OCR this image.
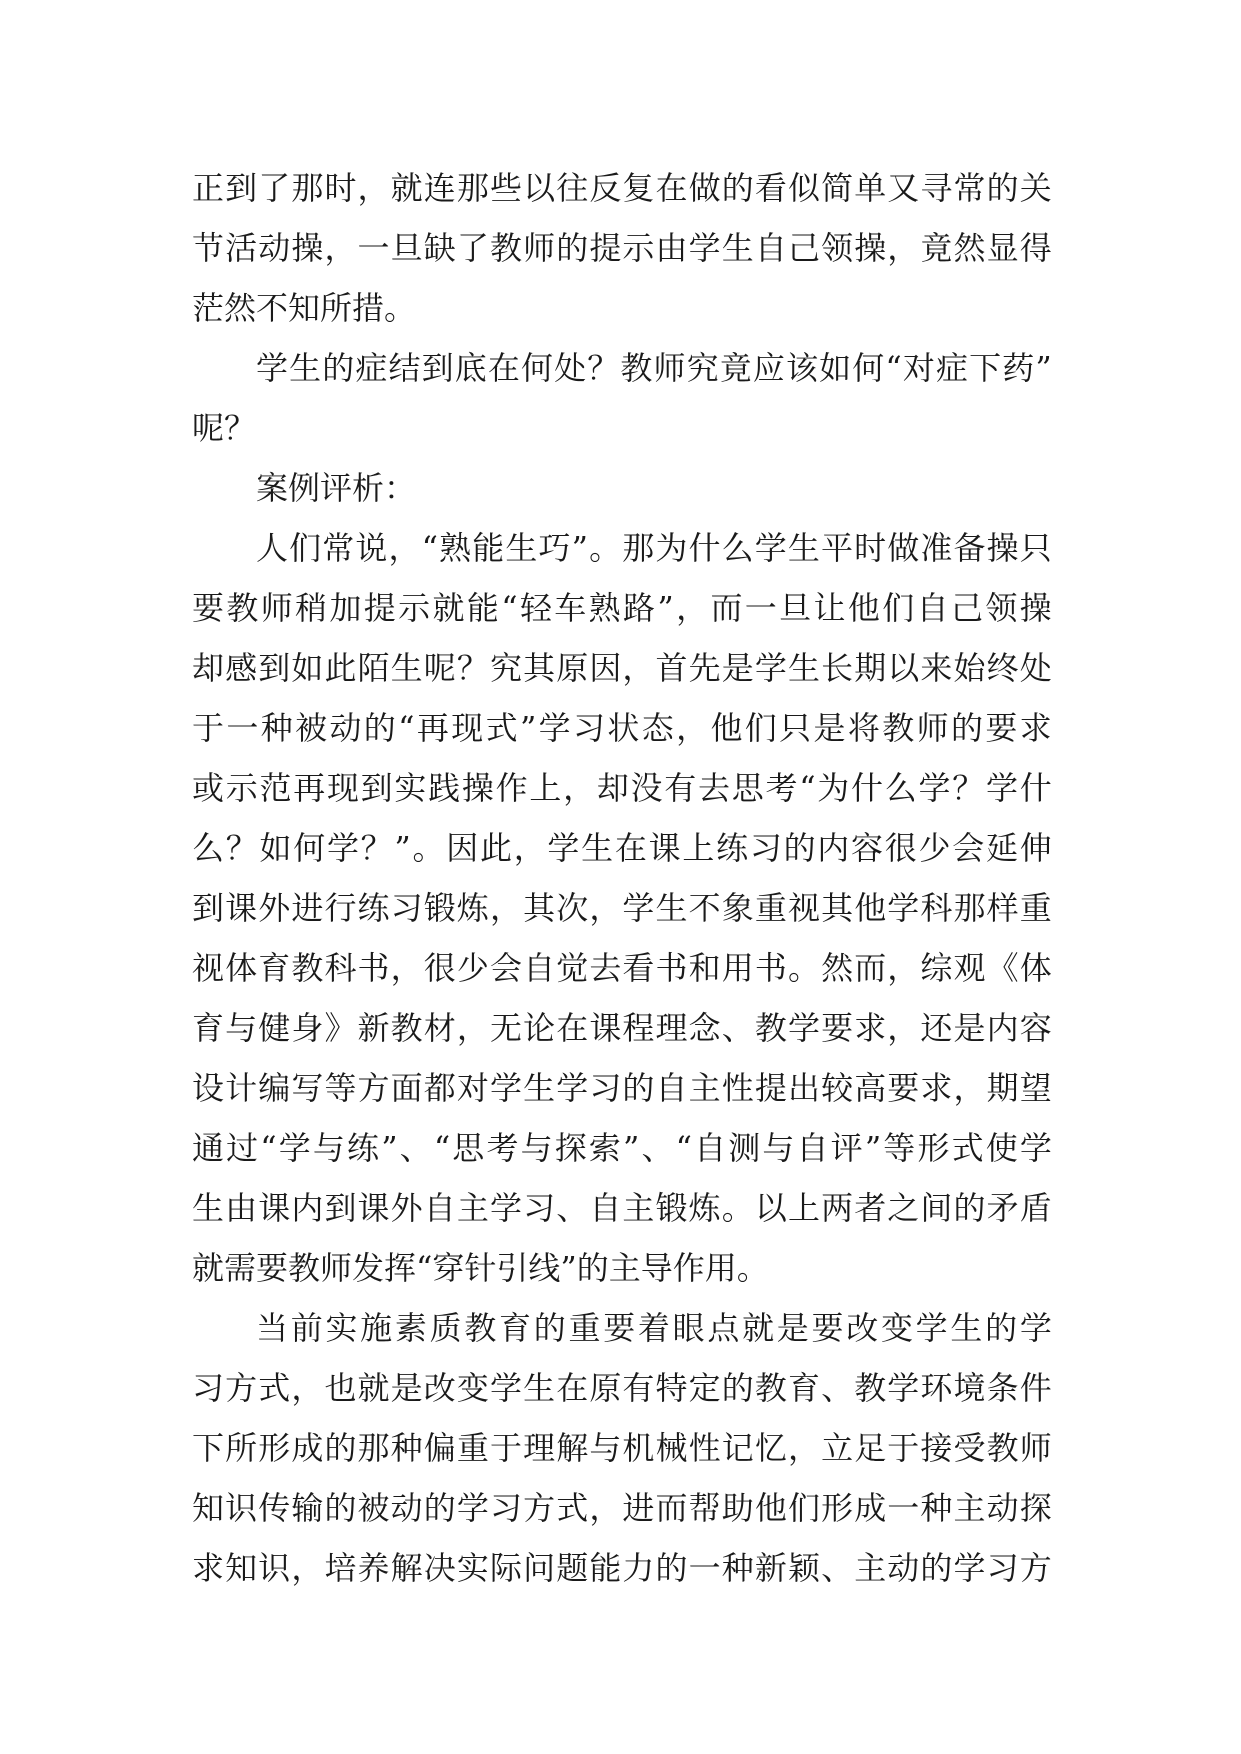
正 到 了 那 时 ， 就 连 那 些 以 往 反 复 在 做 的 看 似 简 单 又 寻 常 的 关
节 活 动 操 ， 一 旦 缺 了 教 师 的 提 示 由 学 生 自 己 领 操 ， 竟 然 显 得
茫然不知所措。
学 生 的 症 结 到 底 在 何 处 ？ 教 师 究 竟 应 该 如 何 “ 对 症 下 药 ”
呢？
案例评析：
人 们 常 说 ， “ 熟 能 生 巧 ” 。 那 为 什 么 学 生 平 时 做 准 备 操 只
要 教 师 稍 加 提 示 就 能 “ 轻 车 熟 路 ” ， 而 一 旦 让 他 们 自 己 领 操
却 感 到 如 此 陌 生 呢 ？ 究 其 原 因 ， 首 先 是 学 生 长 期 以 来 始 终 处
于 一 种 被 动 的 “ 再 现 式 ” 学 习 状 态 ， 他 们 只 是 将 教 师 的 要 求
或 示 范 再 现 到 实 践 操 作 上 ， 却 没 有 去 思 考 “ 为 什 么 学 ？ 学 什
么 ？ 如 何 学 ？ ” 。 因 此 ， 学 生 在 课 上 练 习 的 内 容 很 少 会 延 伸
到 课 外 进 行 练 习 锻 炼 ， 其 次 ， 学 生 不 象 重 视 其 他 学 科 那 样 重
视 体 育 教 科 书 ， 很 少 会 自 觉 去 看 书 和 用 书 。 然 而 ， 综 观 《 体
育 与 健 身 》 新 教 材 ， 无 论 在 课 程 理 念 、 教 学 要 求 ， 还 是 内 容
设 计 编 写 等 方 面 都 对 学 生 学 习 的 自 主 性 提 出 较 高 要 求 ， 期 望
通 过 “ 学 与 练 ” 、 “ 思 考 与 探 索 ” 、 “ 自 测 与 自 评 ” 等 形 式 使 学
生 由 课 内 到 课 外 自 主 学 习 、 自 主 锻 炼 。 以 上 两 者 之 间 的 矛 盾
就需要教师发挥“穿针引线”的主导作用。
当 前 实 施 素 质 教 育 的 重 要 着 眼 点 就 是 要 改 变 学 生 的 学
习 方 式 ， 也 就 是 改 变 学 生 在 原 有 特 定 的 教 育 、 教 学 环 境 条 件
下 所 形 成 的 那 种 偏 重 于 理 解 与 机 械 性 记 忆 ， 立 足 于 接 受 教 师
知 识 传 输 的 被 动 的 学 习 方 式 ， 进 而 帮 助 他 们 形 成 一 种 主 动 探
求 知 识 ， 培 养 解 决 实 际 问 题 能 力 的 一 种 新 颖 、 主 动 的 学 习 方
